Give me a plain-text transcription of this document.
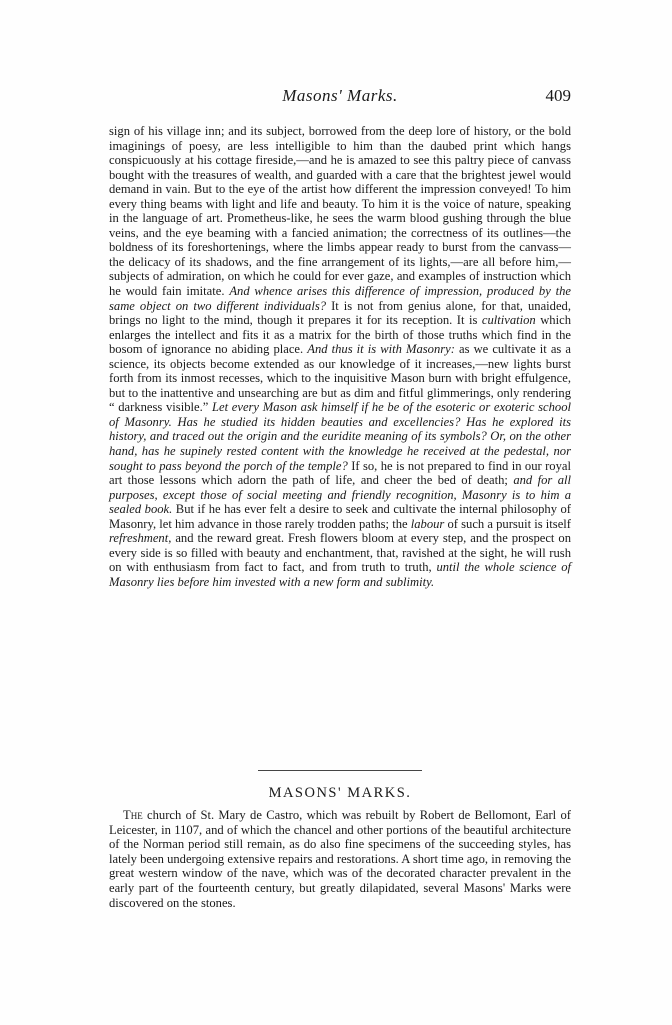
Masons' Marks.	409

sign of his village inn; and its subject, borrowed from the deep lore of history, or the bold imaginings of poesy, are less intelligible to him than the daubed print which hangs conspicuously at his cottage fireside,—and he is amazed to see this paltry piece of canvass bought with the treasures of wealth, and guarded with a care that the brightest jewel would demand in vain. But to the eye of the artist how different the impression conveyed! To him every thing beams with light and life and beauty. To him it is the voice of nature, speaking in the language of art. Prometheus-like, he sees the warm blood gushing through the blue veins, and the eye beaming with a fancied animation; the correctness of its outlines—the boldness of its foreshortenings, where the limbs appear ready to burst from the canvass—the delicacy of its shadows, and the fine arrangement of its lights,—are all before him,—subjects of admiration, on which he could for ever gaze, and examples of instruction which he would fain imitate. And whence arises this difference of impression, produced by the same object on two different individuals? It is not from genius alone, for that, unaided, brings no light to the mind, though it prepares it for its reception. It is cultivation which enlarges the intellect and fits it as a matrix for the birth of those truths which find in the bosom of ignorance no abiding place. And thus it is with Masonry: as we cultivate it as a science, its objects become extended as our knowledge of it increases,—new lights burst forth from its inmost recesses, which to the inquisitive Mason burn with bright effulgence, but to the inattentive and unsearching are but as dim and fitful glimmerings, only rendering “ darkness visible.” Let every Mason ask himself if he be of the esoteric or exoteric school of Masonry. Has he studied its hidden beauties and excellencies? Has he explored its history, and traced out the origin and the euridite meaning of its symbols? Or, on the other hand, has he supinely rested content with the knowledge he received at the pedestal, nor sought to pass beyond the porch of the temple? If so, he is not prepared to find in our royal art those lessons which adorn the path of life, and cheer the bed of death; and for all purposes, except those of social meeting and friendly recognition, Masonry is to him a sealed book. But if he has ever felt a desire to seek and cultivate the internal philosophy of Masonry, let him advance in those rarely trodden paths; the labour of such a pursuit is itself refreshment, and the reward great. Fresh flowers bloom at every step, and the prospect on every side is so filled with beauty and enchantment, that, ravished at the sight, he will rush on with enthusiasm from fact to fact, and from truth to truth, until the whole science of Masonry lies before him invested with a new form and sublimity.

MASONS' MARKS.

The church of St. Mary de Castro, which was rebuilt by Robert de Bellomont, Earl of Leicester, in 1107, and of which the chancel and other portions of the beautiful architecture of the Norman period still remain, as do also fine specimens of the succeeding styles, has lately been undergoing extensive repairs and restorations. A short time ago, in removing the great western window of the nave, which was of the decorated character prevalent in the early part of the fourteenth century, but greatly dilapidated, several Masons' Marks were discovered on the stones.
